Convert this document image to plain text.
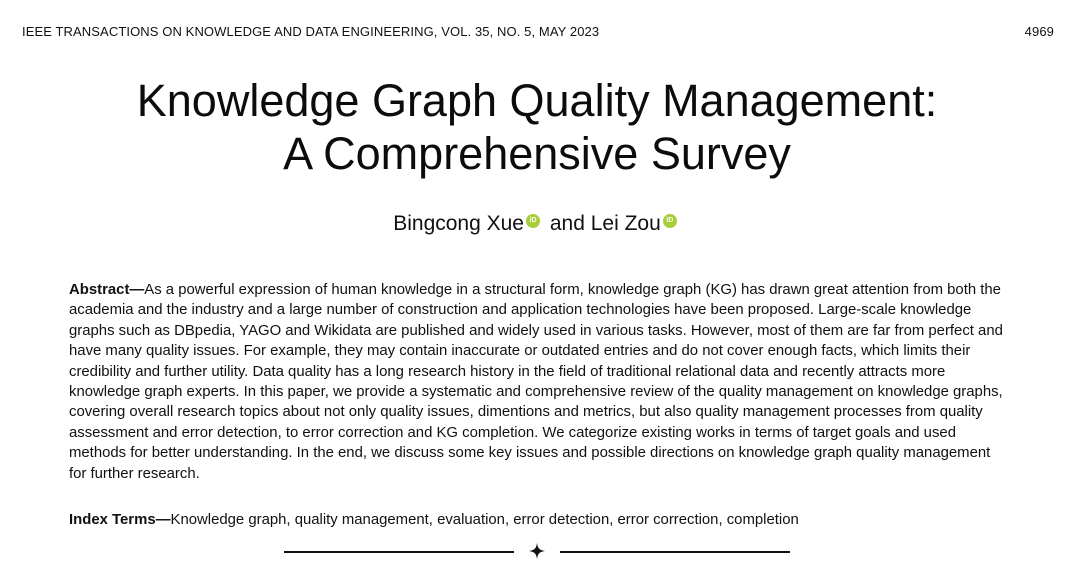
IEEE TRANSACTIONS ON KNOWLEDGE AND DATA ENGINEERING, VOL. 35, NO. 5, MAY 2023	4969
Knowledge Graph Quality Management:
A Comprehensive Survey
Bingcong Xue iD and Lei Zou iD

Abstract—As a powerful expression of human knowledge in a structural form, knowledge graph (KG) has drawn great attention from both the academia and the industry and a large number of construction and application technologies have been proposed. Large-scale knowledge graphs such as DBpedia, YAGO and Wikidata are published and widely used in various tasks. However, most of them are far from perfect and have many quality issues. For example, they may contain inaccurate or outdated entries and do not cover enough facts, which limits their credibility and further utility. Data quality has a long research history in the field of traditional relational data and recently attracts more knowledge graph experts. In this paper, we provide a systematic and comprehensive review of the quality management on knowledge graphs, covering overall research topics about not only quality issues, dimentions and metrics, but also quality management processes from quality assessment and error detection, to error correction and KG completion. We categorize existing works in terms of target goals and used methods for better understanding. In the end, we discuss some key issues and possible directions on knowledge graph quality management for further research.

Index Terms—Knowledge graph, quality management, evaluation, error detection, error correction, completion
